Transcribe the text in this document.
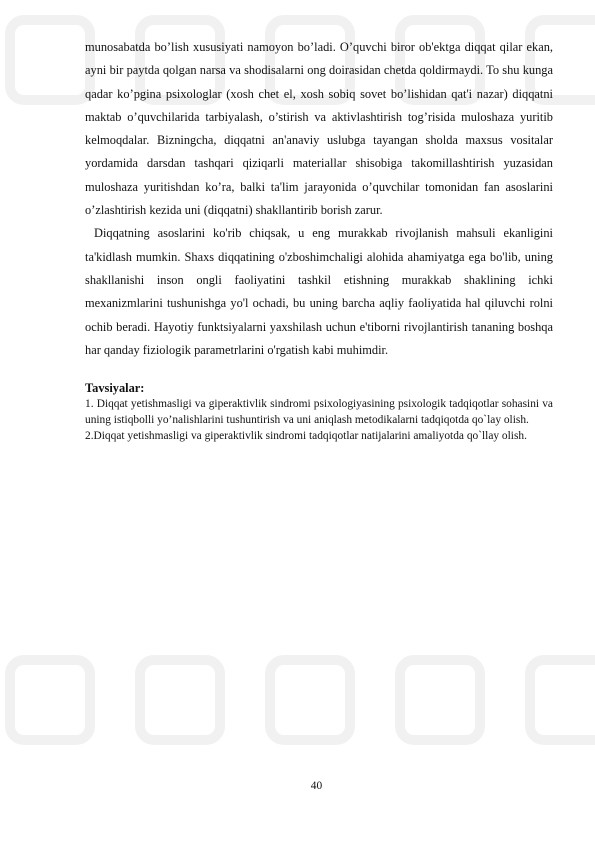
munosabatda bo’lish xususiyati namoyon bo’ladi. O’quvchi biror ob'ektga diqqat qilar ekan, ayni bir paytda qolgan narsa va shodisalarni ong doirasidan chetda qoldirmaydi. To shu kunga qadar ko’pgina psixologlar (xosh chet el, xosh sobiq sovet bo’lishidan qat'i nazar) diqqatni maktab o’quvchilarida tarbiyalash, o’stirish va aktivlashtirish tog’risida muloshaza yuritib kelmoqdalar. Bizningcha, diqqatni an'anaviy uslubga tayangan sholda maxsus vositalar yordamida darsdan tashqari qiziqarli materiallar shisobiga takomillashtirish yuzasidan muloshaza yuritishdan ko’ra, balki ta'lim jarayonida o’quvchilar tomonidan fan asoslarini o’zlashtirish kezida uni (diqqatni) shakllantirib borish zarur.

Diqqatning asoslarini ko'rib chiqsak, u eng murakkab rivojlanish mahsuli ekanligini ta'kidlash mumkin. Shaxs diqqatining o'zboshimchaligi alohida ahamiyatga ega bo'lib, uning shakllanishi inson ongli faoliyatini tashkil etishning murakkab shaklining ichki mexanizmlarini tushunishga yo'l ochadi, bu uning barcha aqliy faoliyatida hal qiluvchi rolni ochib beradi. Hayotiy funktsiyalarni yaxshilash uchun e'tiborni rivojlantirish tananing boshqa har qanday fiziologik parametrlarini o'rgatish kabi muhimdir.

Tavsiyalar:

1. Diqqat yetishmasligi va giperaktivlik sindromi psixologiyasining psixologik tadqiqotlar sohasini va uning istiqbolli yo’nalishlarini tushuntirish va uni aniqlash metodikalarni tadqiqotda qo`lay olish.

2.Diqqat yetishmasligi va giperaktivlik sindromi tadqiqotlar natijalarini amaliyotda qo`llay olish.

40
